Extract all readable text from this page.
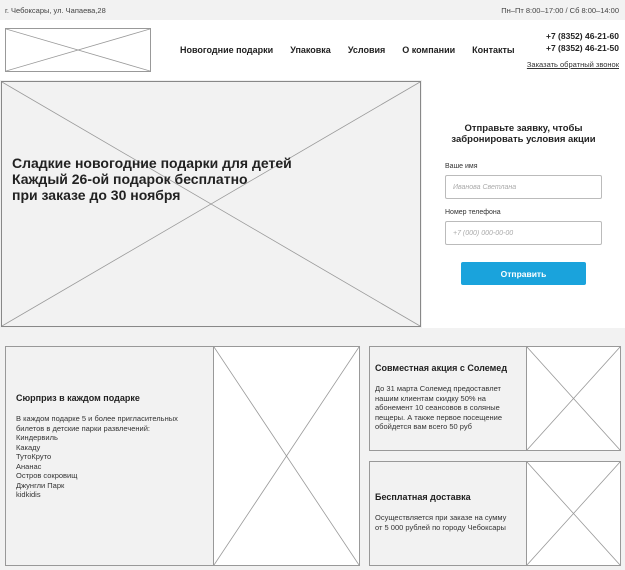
г. Чебоксары, ул. Чапаева,28	Пн–Пт 8:00–17:00 / Сб 8:00–14:00
Новогодние подарки Упаковка Условия О компании Контакты
+7 (8352) 46-21-60
+7 (8352) 46-21-50
Заказать обратный звонок
Сладкие новогодние подарки для детей
Каждый 26-ой подарок бесплатно
при заказе до 30 ноября
Отправьте заявку, чтобы
забронировать условия акции
Ваше имя
Иванова Светлана
Номер телефона
+7 (000) 000-00-00
Отправить
Сюрприз в каждом подарке
В каждом подарке 5 и более пригласительных
билетов в детские парки развлечений:
Киндервиль
Какаду
ТутоКруто
Ананас
Остров сокровищ
Джунгли Парк
kidkidis
Совместная акция с Солемед
До 31 марта Солемед предоставлет
нашим клиентам скидку 50% на
абонемент 10 сеансовов в соляные
пещеры. А также первое посещение
обойдется вам всего 50 руб
Бесплатная доставка
Осуществляется при заказе на сумму
от 5 000 рублей по городу Чебоксары
